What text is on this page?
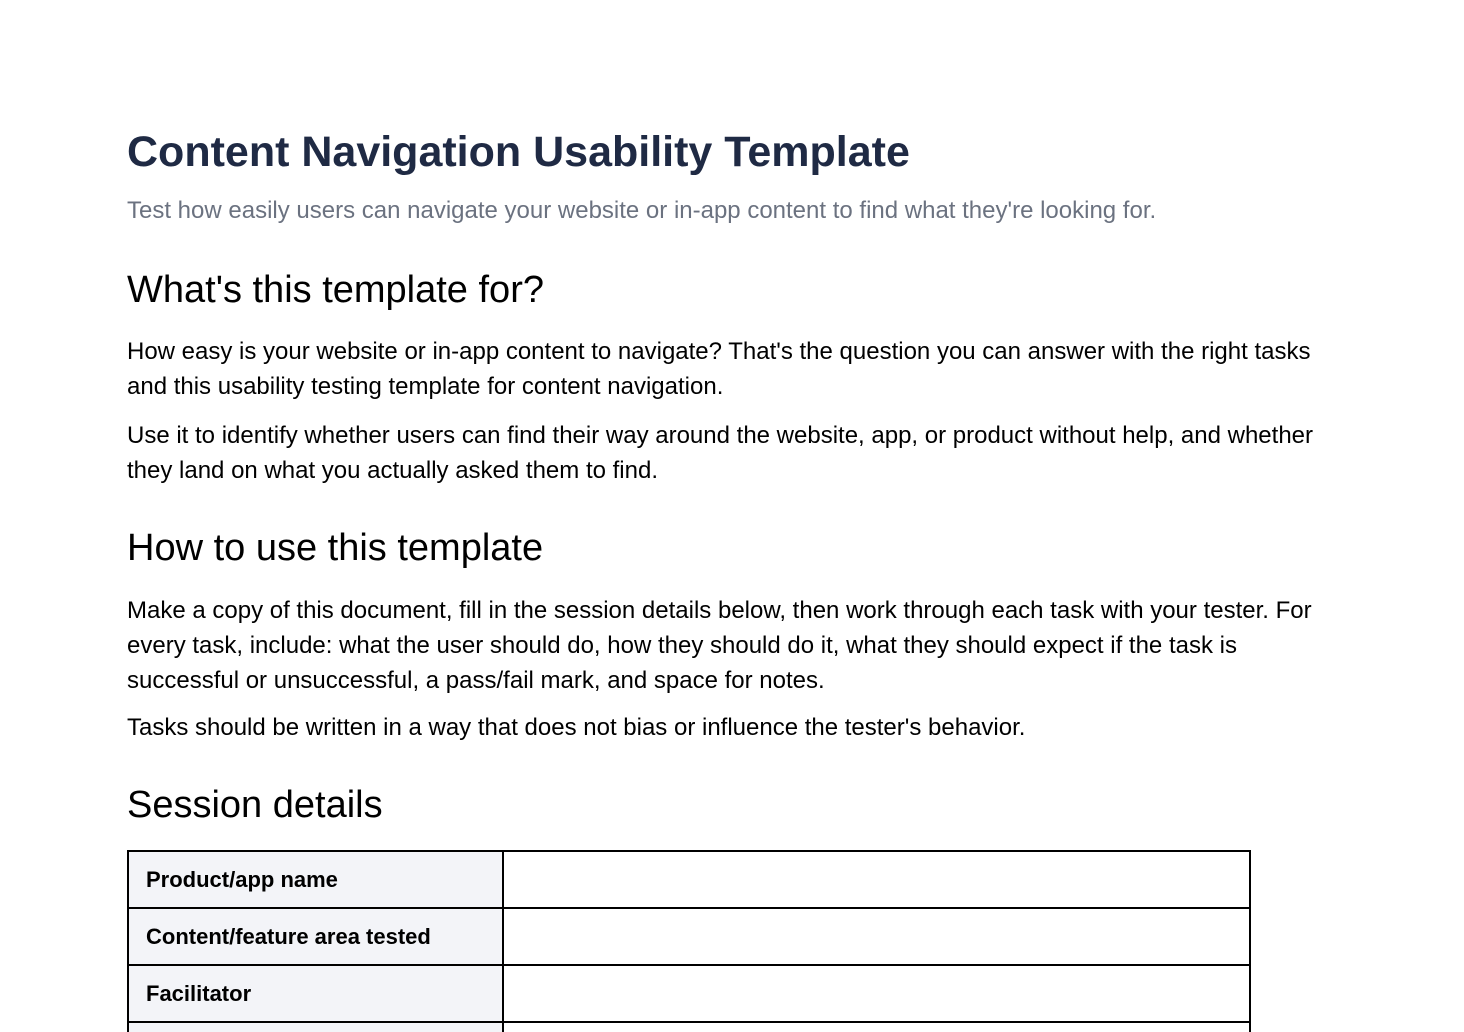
Content Navigation Usability Template

Test how easily users can navigate your website or in-app content to find what they're looking for.

What's this template for?

How easy is your website or in-app content to navigate? That's the question you can answer with the right tasks and this usability testing template for content navigation.

Use it to identify whether users can find their way around the website, app, or product without help, and whether they land on what you actually asked them to find.

How to use this template

Make a copy of this document, fill in the session details below, then work through each task with your tester. For every task, include: what the user should do, how they should do it, what they should expect if the task is successful or unsuccessful, a pass/fail mark, and space for notes.

Tasks should be written in a way that does not bias or influence the tester's behavior.

Session details
Product/app name	
Content/feature area tested	
Facilitator	
